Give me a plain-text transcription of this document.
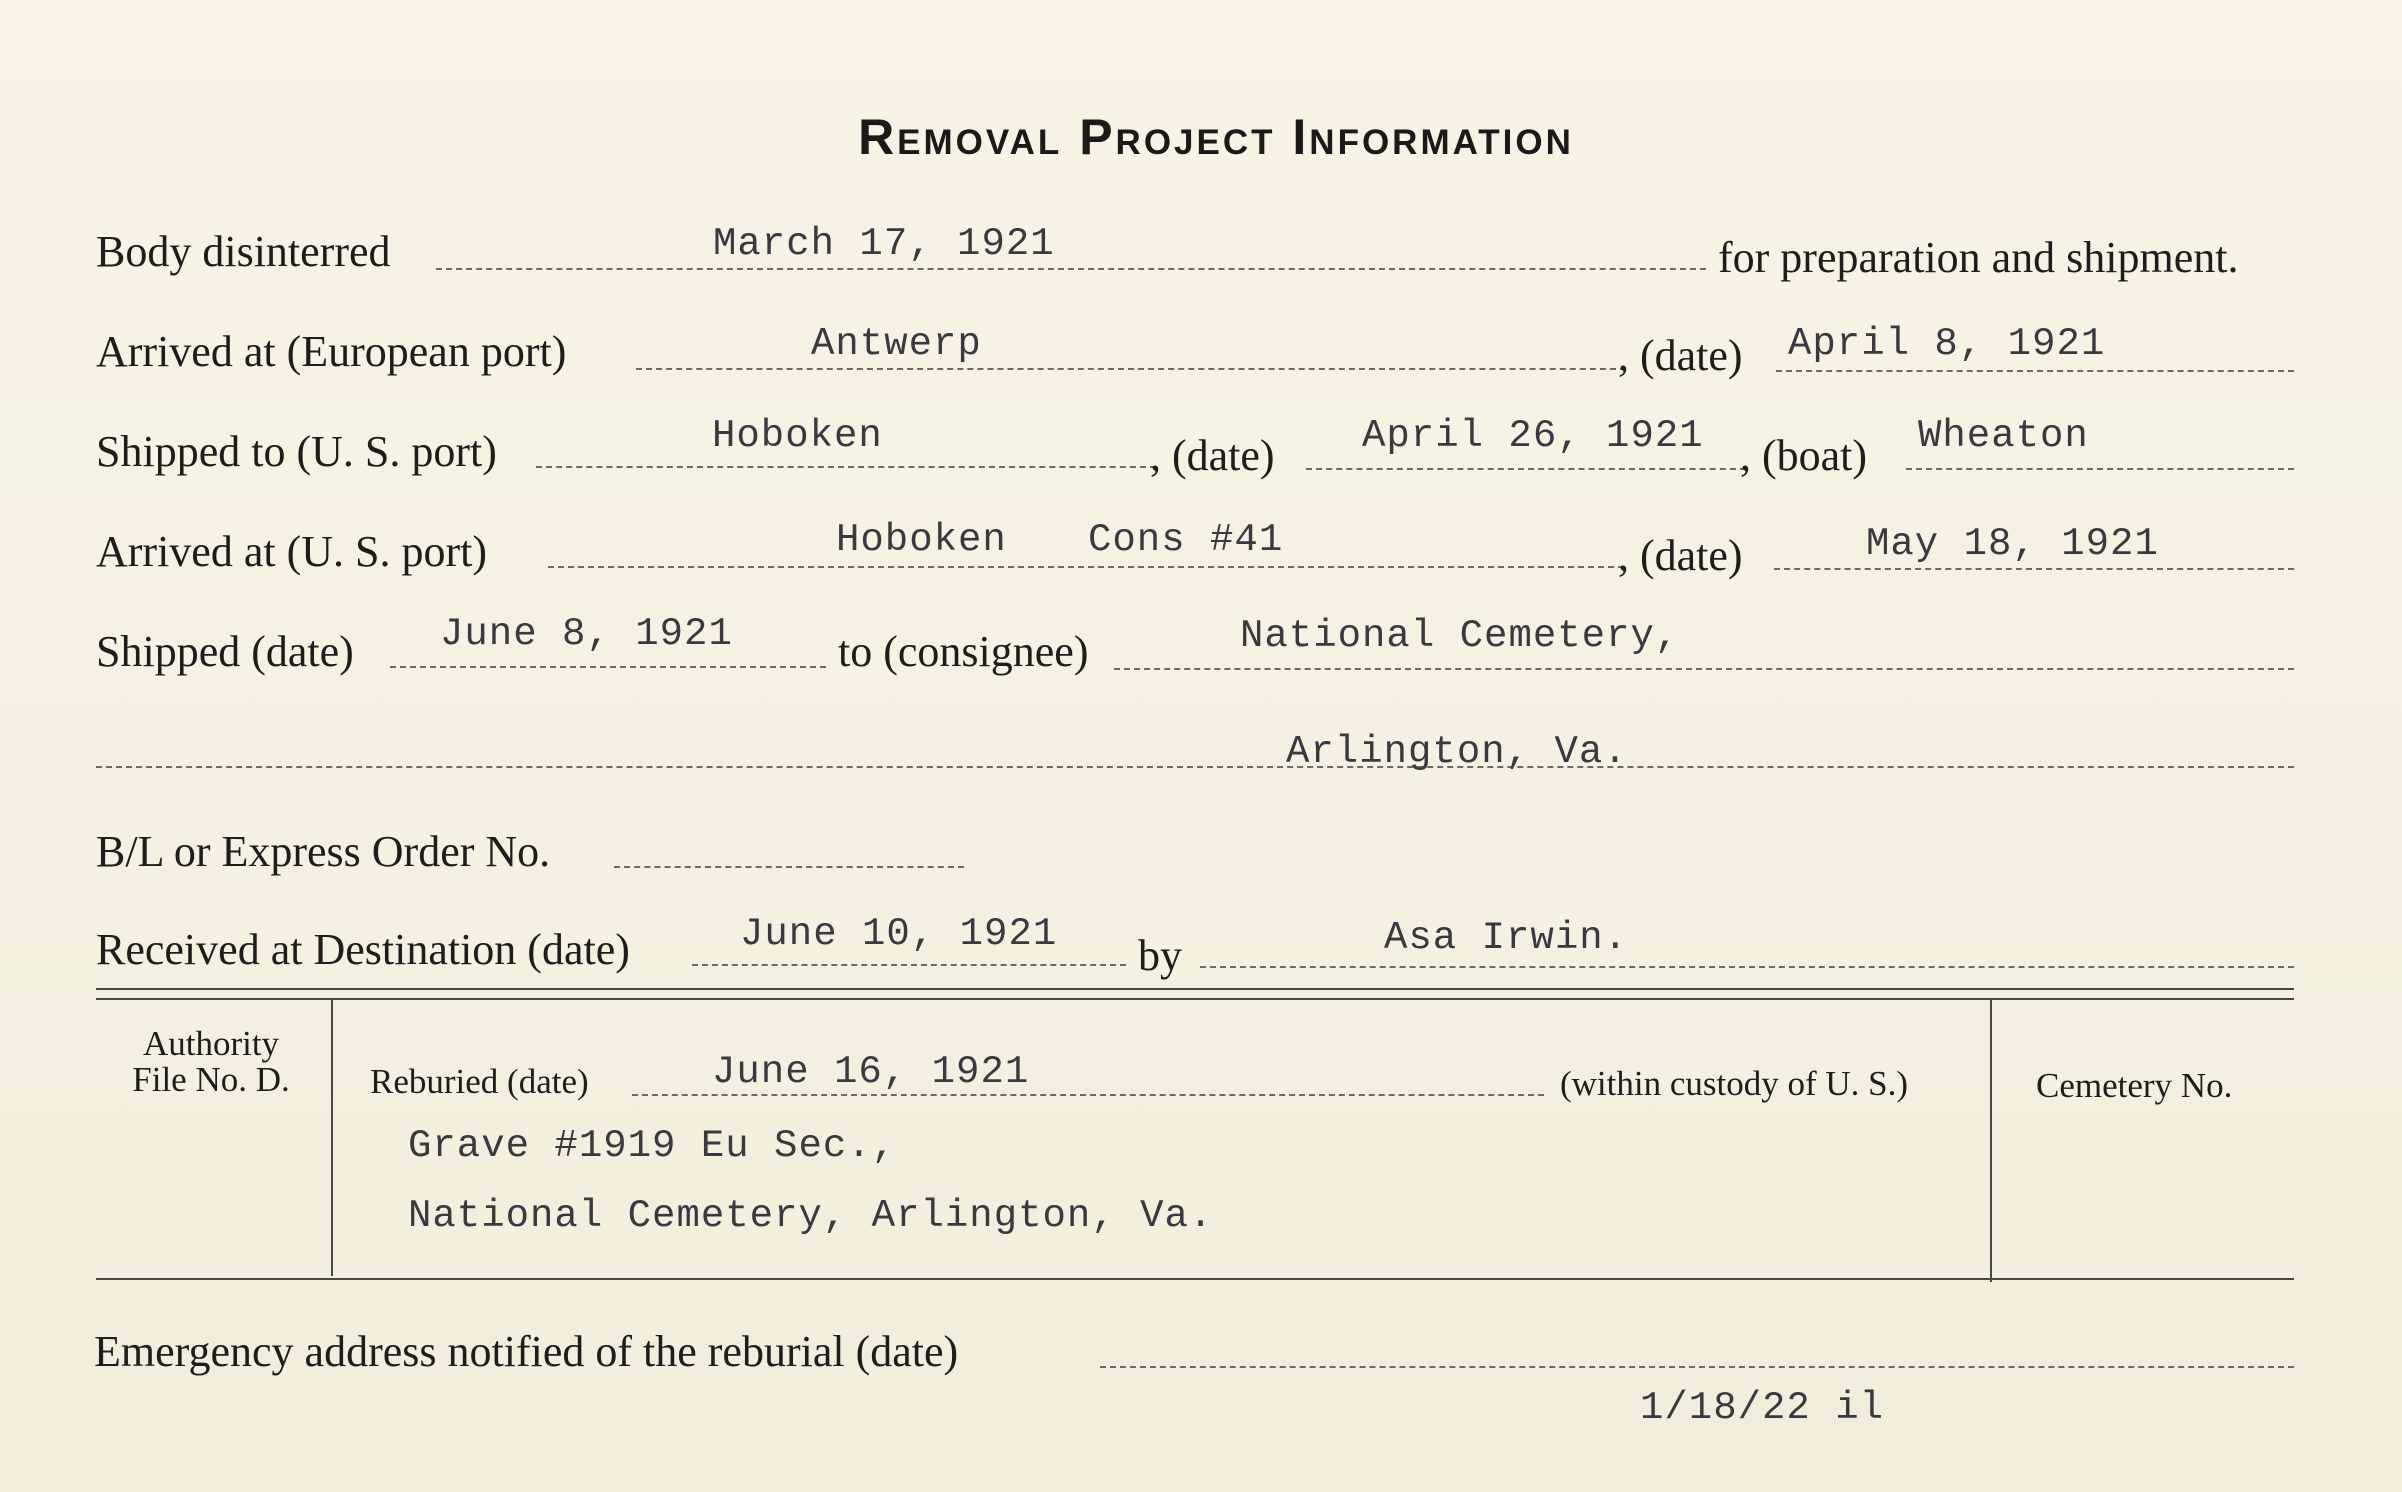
Removal Project Information
Body disinterred	March 17, 1921	for preparation and shipment.
Arrived at (European port)	Antwerp	, (date) April 8, 1921
Shipped to (U. S. port)	Hoboken	, (date) April 26, 1921 , (boat) Wheaton
Arrived at (U. S. port)	Hoboken Cons #41	, (date)	May 18, 1921
Shipped (date) June 8, 1921 to (consignee)	National Cemetery,
Arlington, Va.
B/L or Express Order No.
Received at Destination (date)	June 10, 1921 by	Asa Irwin.
Authority
File No. D.	Reburied (date)	June 16, 1921	(within custody of U. S.)
Grave #1919 Eu Sec.,
National Cemetery, Arlington, Va.
Cemetery No.
Emergency address notified of the reburial (date)
1/18/22 il
